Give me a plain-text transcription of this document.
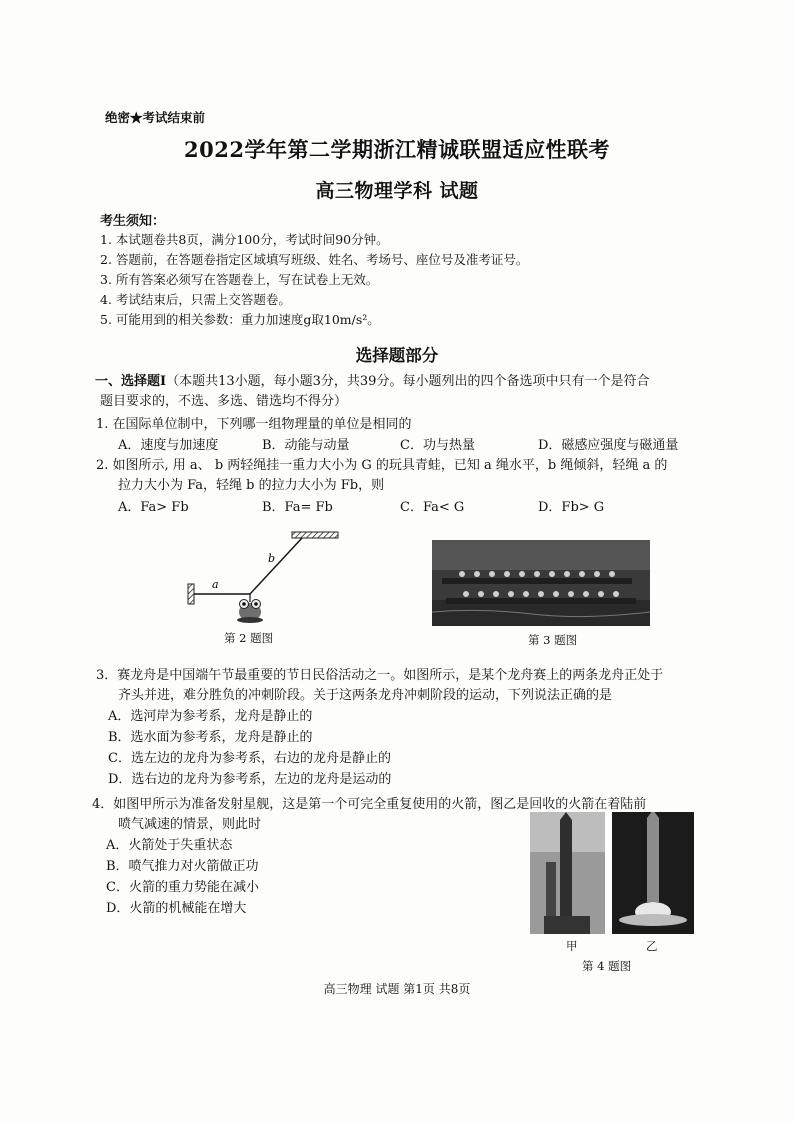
绝密★考试结束前
2022学年第二学期浙江精诚联盟适应性联考
高三物理学科 试题
考生须知：
1. 本试题卷共8页，满分100分，考试时间90分钟。
2. 答题前，在答题卷指定区域填写班级、姓名、考场号、座位号及准考证号。
3. 所有答案必须写在答题卷上，写在试卷上无效。
4. 考试结束后，只需上交答题卷。
5. 可能用到的相关参数：重力加速度g取10m/s²。
选择题部分
一、选择题Ⅰ（本题共13小题，每小题3分，共39分。每小题列出的四个备选项中只有一个是符合
题目要求的，不选、多选、错选均不得分）
1. 在国际单位制中，下列哪一组物理量的单位是相同的
A．速度与加速度	B．动能与动量	C．功与热量	D．磁感应强度与磁通量
2. 如图所示, 用 a、 b 两轻绳挂一重力大小为 G 的玩具青蛙，已知 a 绳水平，b 绳倾斜，轻绳 a 的
拉力大小为 Fa，轻绳 b 的拉力大小为 Fb，则
A．Fa> Fb	B．Fa= Fb	C．Fa< G	D．Fb> G
a
b
第 2 题图	第 3 题图
3．赛龙舟是中国端午节最重要的节日民俗活动之一。如图所示，是某个龙舟赛上的两条龙舟正处于
齐头并进，难分胜负的冲刺阶段。关于这两条龙舟冲刺阶段的运动，下列说法正确的是
A．选河岸为参考系，龙舟是静止的
B．选水面为参考系，龙舟是静止的
C．选左边的龙舟为参考系，右边的龙舟是静止的
D．选右边的龙舟为参考系，左边的龙舟是运动的
4．如图甲所示为准备发射星舰，这是第一个可完全重复使用的火箭，图乙是回收的火箭在着陆前
喷气减速的情景，则此时
A．火箭处于失重状态
B．喷气推力对火箭做正功
C．火箭的重力势能在减小
D．火箭的机械能在增大
甲	乙
第 4 题图
高三物理 试题 第1页 共8页
